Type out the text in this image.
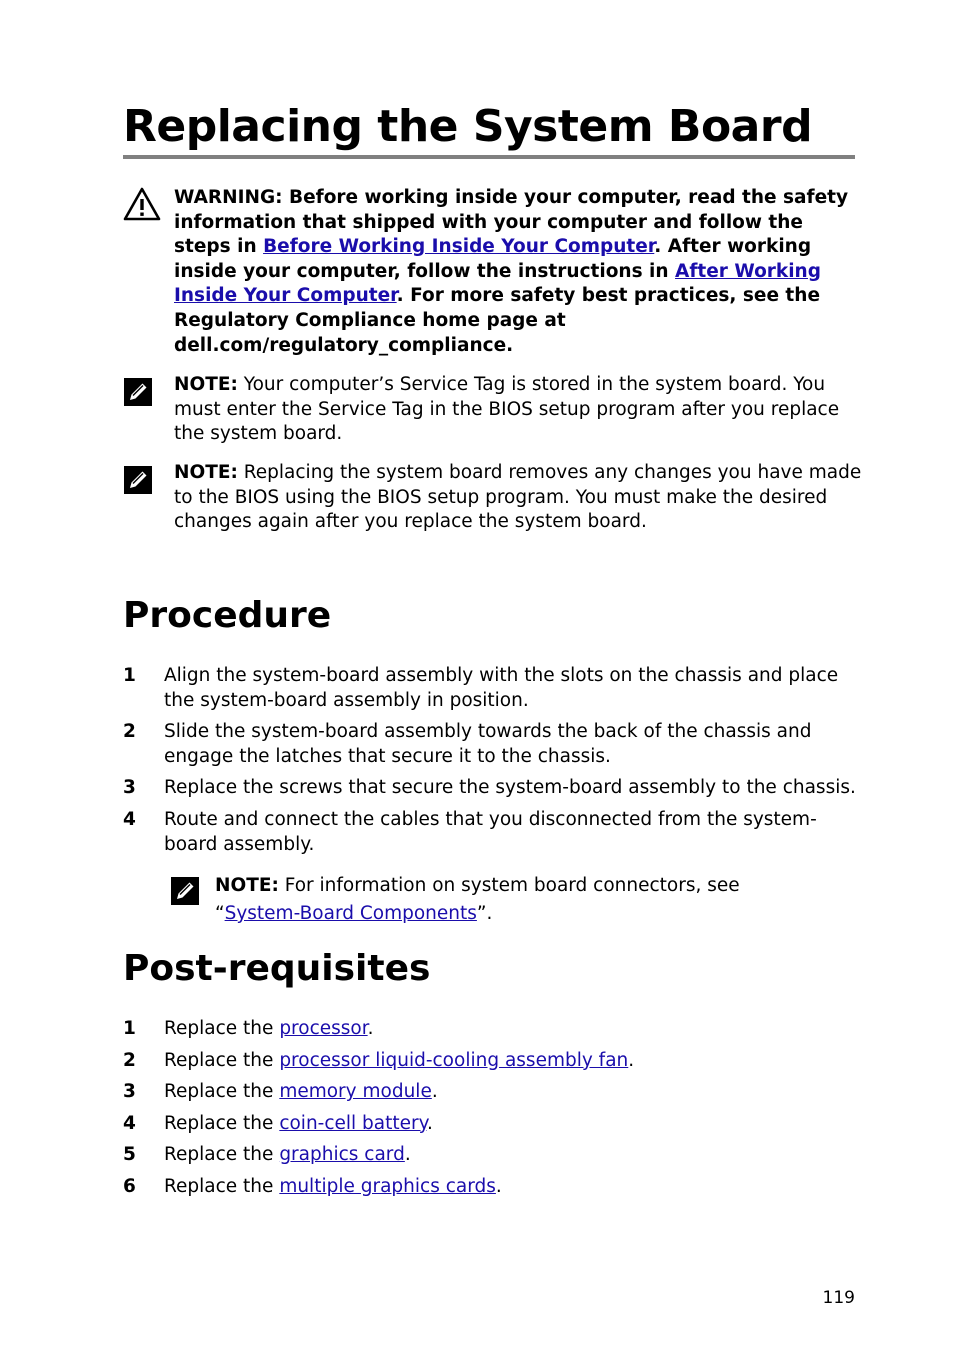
Replacing the System Board
WARNING: Before working inside your computer, read the safety information that shipped with your computer and follow the steps in Before Working Inside Your Computer. After working inside your computer, follow the instructions in After Working Inside Your Computer. For more safety best practices, see the Regulatory Compliance home page at dell.com/regulatory_compliance.
NOTE: Your computer’s Service Tag is stored in the system board. You must enter the Service Tag in the BIOS setup program after you replace the system board.
NOTE: Replacing the system board removes any changes you have made to the BIOS using the BIOS setup program. You must make the desired changes again after you replace the system board.
Procedure
1 Align the system-board assembly with the slots on the chassis and place the system-board assembly in position.
2 Slide the system-board assembly towards the back of the chassis and engage the latches that secure it to the chassis.
3 Replace the screws that secure the system-board assembly to the chassis.
4 Route and connect the cables that you disconnected from the system-board assembly.
NOTE: For information on system board connectors, see “System-Board Components”.
Post-requisites
1 Replace the processor.
2 Replace the processor liquid-cooling assembly fan.
3 Replace the memory module.
4 Replace the coin-cell battery.
5 Replace the graphics card.
6 Replace the multiple graphics cards.
119
